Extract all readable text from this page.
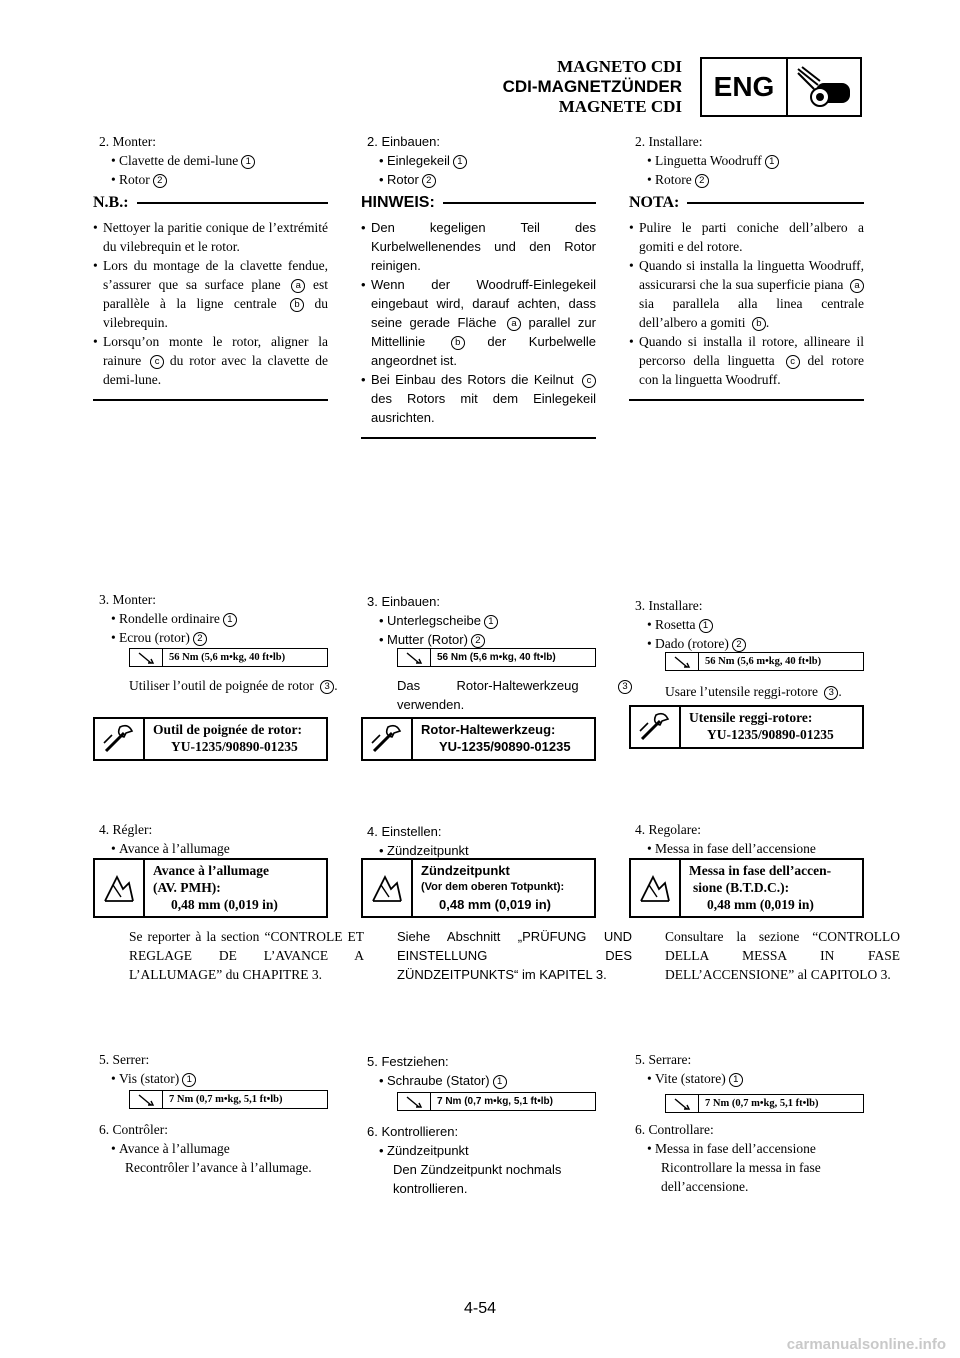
MAGNETO CDI
CDI-MAGNETZÜNDER
MAGNETE CDI
ENG
2. Monter:
• Clavette de demi-lune 1
• Rotor 2
N.B.:
• Nettoyer la paritie conique de l’extrémité du vilebrequin et le rotor.
• Lors du montage de la clavette fendue, s’assurer que sa surface plane a est parallèle à la ligne centrale b du vilebrequin.
• Lorsqu’on monte le rotor, aligner la rainure c du rotor avec la clavette de demi-lune.
3. Monter:
• Rondelle ordinaire 1
• Ecrou (rotor) 2
56 Nm (5,6 m•kg, 40 ft•lb)
Utiliser l’outil de poignée de rotor 3 .
Outil de poignée de rotor:
YU-1235/90890-01235
4. Régler:
• Avance à l’allumage
Avance à l’allumage
(AV. PMH):
0,48 mm (0,019 in)
Se reporter à la section “CONTROLE ET REGLAGE DE L’AVANCE A L’ALLUMAGE” du CHAPITRE 3.
5. Serrer:
• Vis (stator) 1
7 Nm (0,7 m•kg, 5,1 ft•lb)
6. Contrôler:
• Avance à l’allumage
Recontrôler l’avance à l’allumage.
2. Einbauen:
• Einlegekeil 1
• Rotor 2
HINWEIS:
• Den kegeligen Teil des Kurbelwellenendes und den Rotor reinigen.
• Wenn der Woodruff-Einlegekeil eingebaut wird, darauf achten, dass seine gerade Fläche a parallel zur Mittellinie	b der Kurbelwelle angeordnet ist.
• Bei Einbau des Rotors die Keilnut c des Rotors mit dem Einlegekeil ausrichten.
3. Einbauen:
• Unterlegscheibe 1
• Mutter (Rotor) 2
56 Nm (5,6 m•kg, 40 ft•lb)
Das Rotor-Haltewerkzeug	3 verwenden.
Rotor-Haltewerkzeug:
YU-1235/90890-01235
4. Einstellen:
• Zündzeitpunkt
Zündzeitpunkt
(Vor dem oberen Totpunkt):
0,48 mm (0,019 in)
Siehe Abschnitt „PRÜFUNG UND EINSTELLUNG DES ZÜNDZEITPUNKTS“ im KAPITEL 3.
5. Festziehen:
• Schraube (Stator) 1
7 Nm (0,7 m•kg, 5,1 ft•lb)
6. Kontrollieren:
• Zündzeitpunkt
Den Zündzeitpunkt nochmals kontrollieren.
2. Installare:
• Linguetta Woodruff 1
• Rotore 2
NOTA:
• Pulire le parti coniche dell’albero a gomiti e del rotore.
• Quando si installa la linguetta Woodruff, assicurarsi che la sua superficie piana a sia parallela alla linea centrale dell’albero a gomiti b .
• Quando si installa il rotore, allineare il percorso della linguetta c del rotore con la linguetta Woodruff.
3. Installare:
• Rosetta 1
• Dado (rotore) 2
56 Nm (5,6 m•kg, 40 ft•lb)
Usare l’utensile reggi-rotore 3 .
Utensile reggi-rotore:
YU-1235/90890-01235
4. Regolare:
• Messa in fase dell’accensione
Messa in fase dell’accen-
sione (B.T.D.C.):
0,48 mm (0,019 in)
Consultare la sezione “CONTROLLO DELLA MESSA IN FASE DELL’ACCENSIONE” al CAPITOLO 3.
5. Serrare:
• Vite (statore) 1
7 Nm (0,7 m•kg, 5,1 ft•lb)
6. Controllare:
• Messa in fase dell’accensione
Ricontrollare la messa in fase dell’accensione.
4-54
carmanualsonline.info
